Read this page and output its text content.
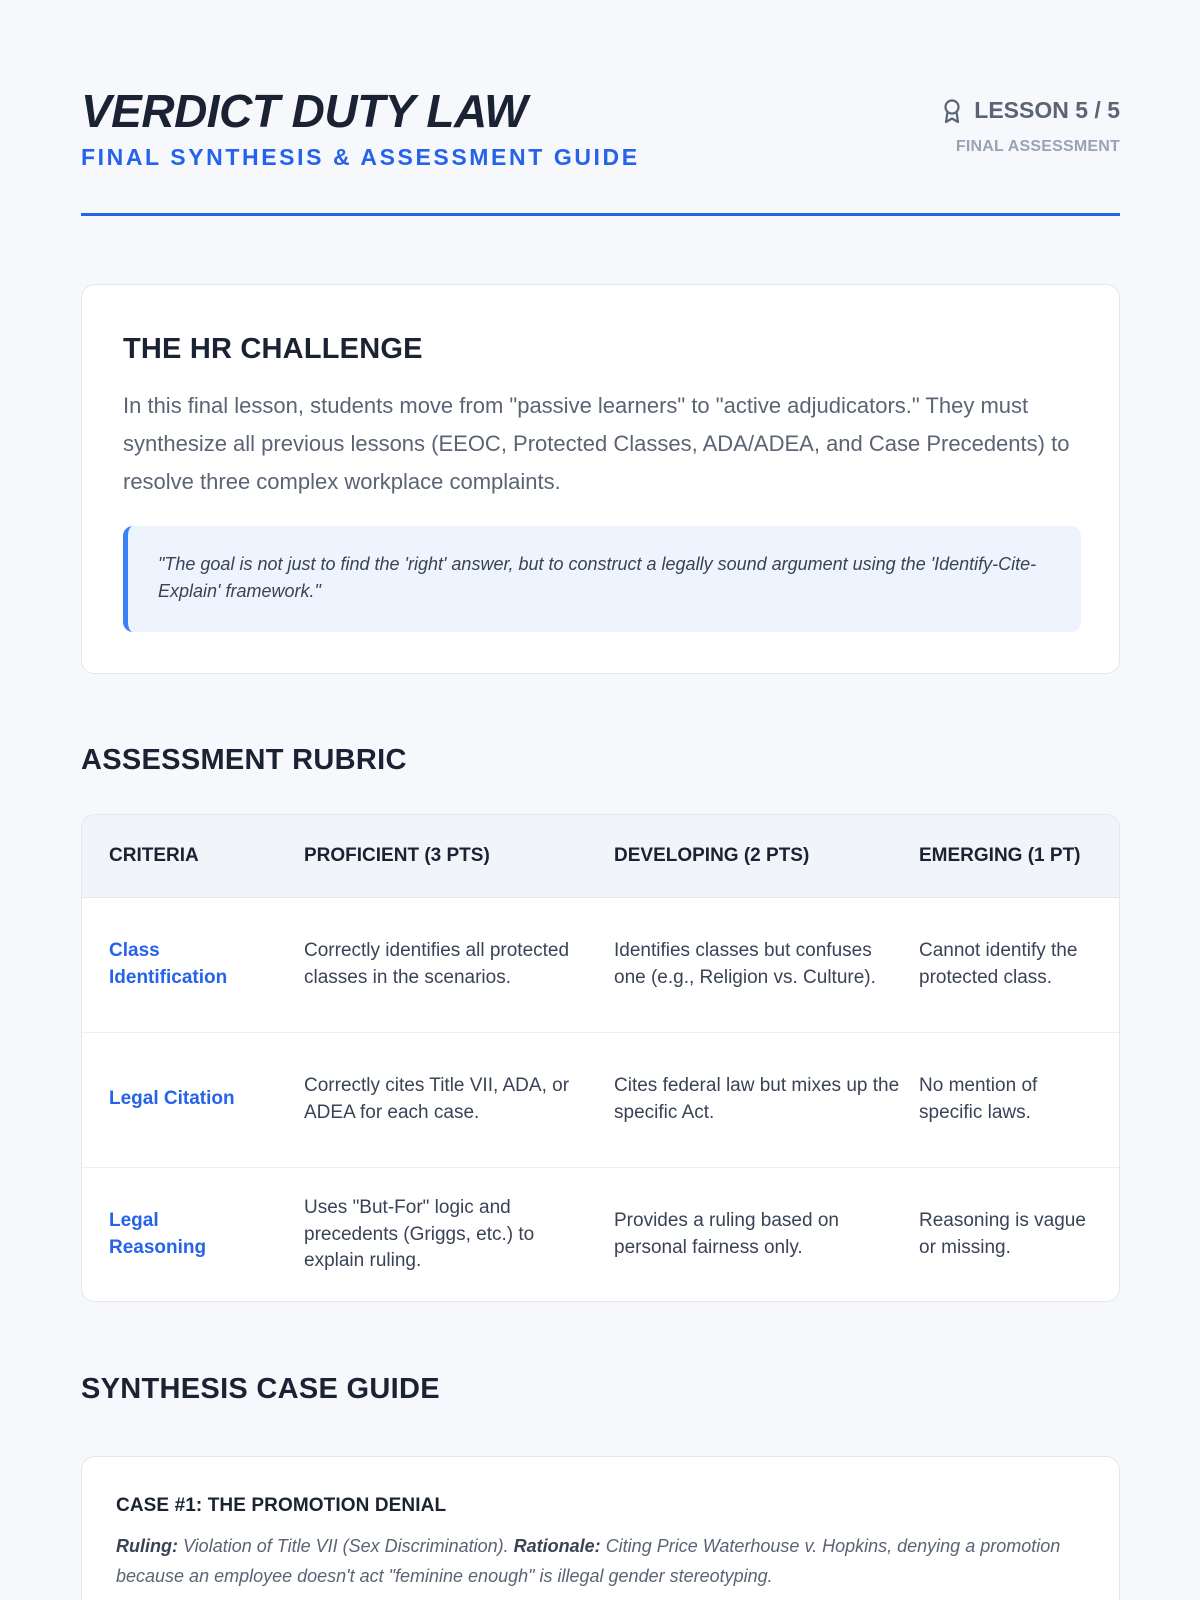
VERDICT DUTY LAW
FINAL SYNTHESIS & ASSESSMENT GUIDE
LESSON 5 / 5
FINAL ASSESSMENT
THE HR CHALLENGE

In this final lesson, students move from "passive learners" to "active adjudicators." They must synthesize all previous lessons (EEOC, Protected Classes, ADA/ADEA, and Case Precedents) to resolve three complex workplace complaints.

"The goal is not just to find the 'right' answer, but to construct a legally sound argument using the 'Identify-Cite-Explain' framework."
ASSESSMENT RUBRIC
CRITERIA	PROFICIENT (3 PTS)	DEVELOPING (2 PTS)	EMERGING (1 PT)
Class Identification	Correctly identifies all protected classes in the scenarios.	Identifies classes but confuses one (e.g., Religion vs. Culture).	Cannot identify the protected class.
Legal Citation	Correctly cites Title VII, ADA, or ADEA for each case.	Cites federal law but mixes up the specific Act.	No mention of specific laws.
Legal Reasoning	Uses "But-For" logic and precedents (Griggs, etc.) to explain ruling.	Provides a ruling based on personal fairness only.	Reasoning is vague or missing.
SYNTHESIS CASE GUIDE
CASE #1: THE PROMOTION DENIAL
Ruling: Violation of Title VII (Sex Discrimination). Rationale: Citing Price Waterhouse v. Hopkins, denying a promotion because an employee doesn't act "feminine enough" is illegal gender stereotyping.
